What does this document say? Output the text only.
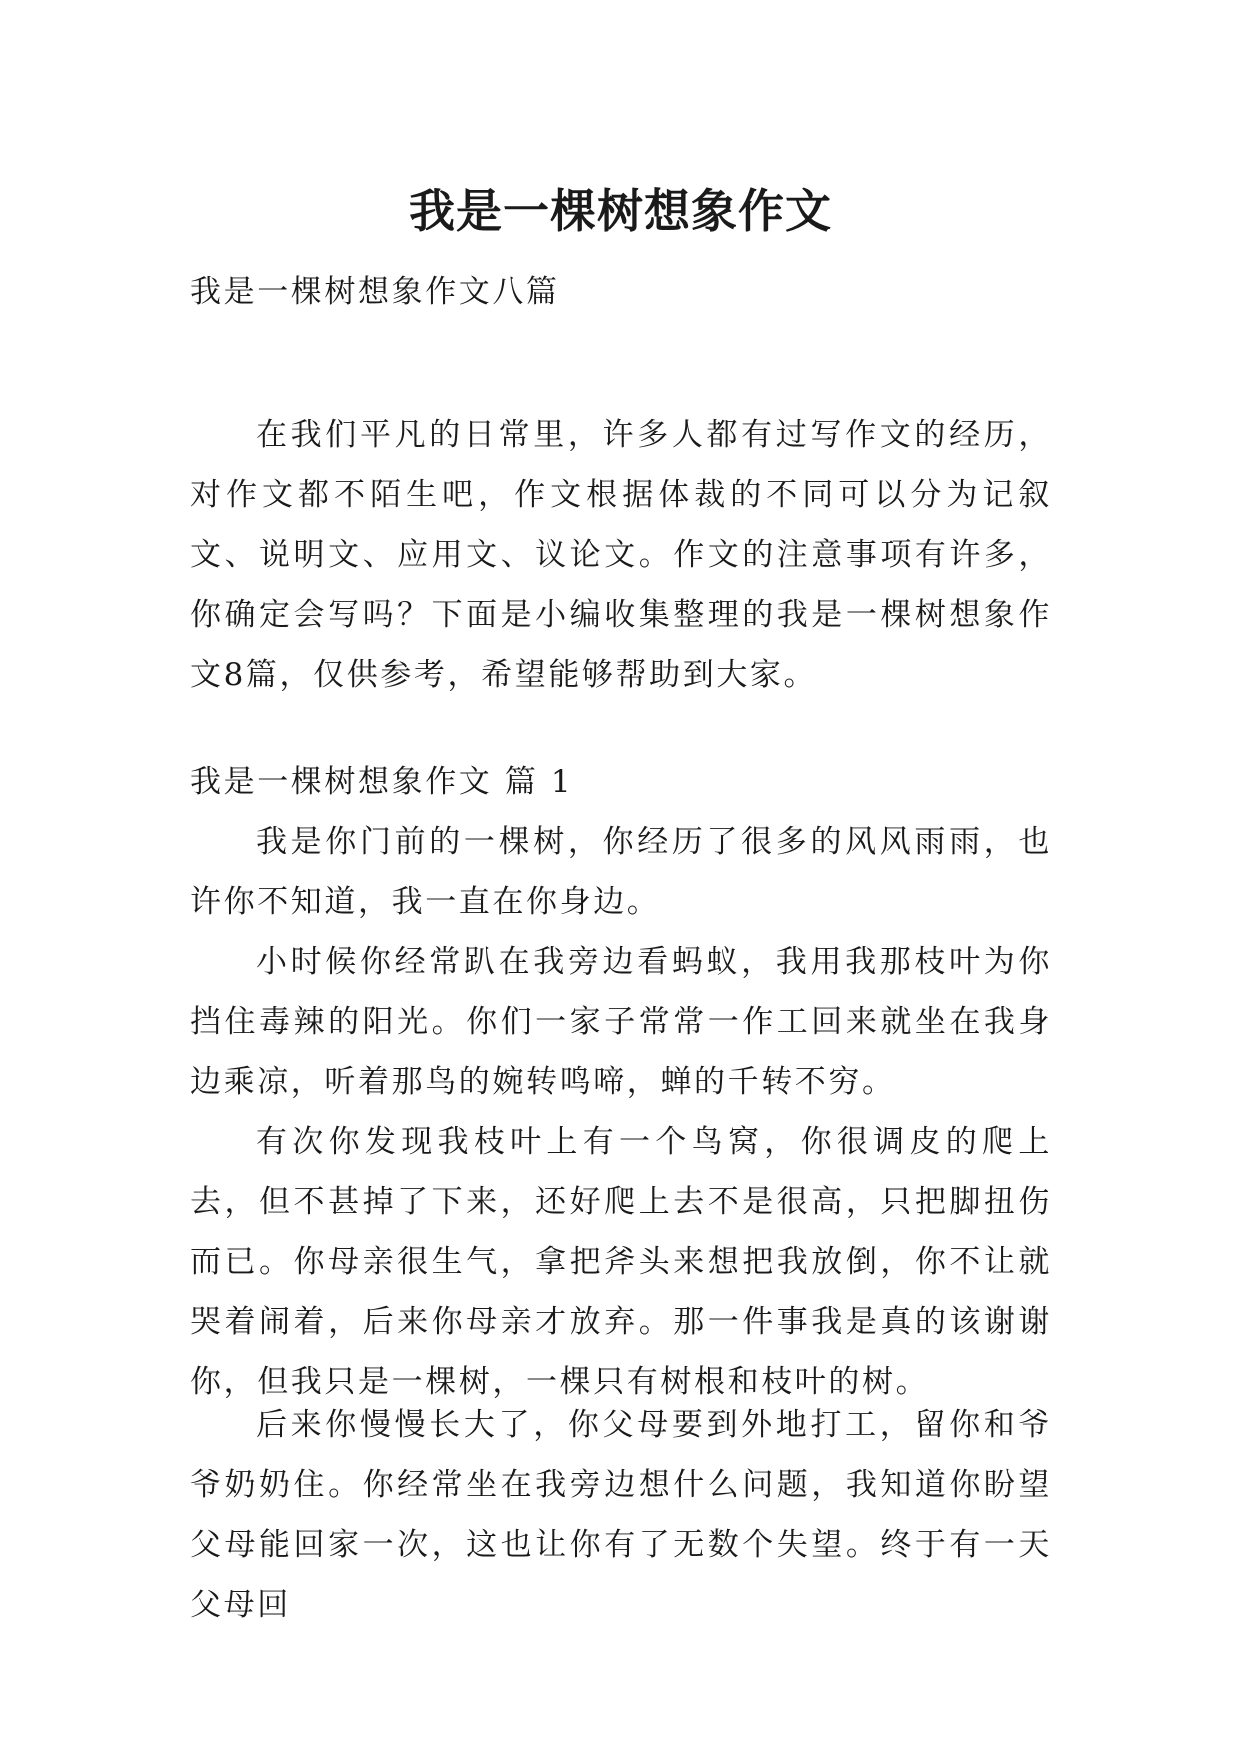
我是一棵树想象作文

我是一棵树想象作文八篇

在我们平凡的日常里，许多人都有过写作文的经历，对作文都不陌生吧，作文根据体裁的不同可以分为记叙文、说明文、应用文、议论文。作文的注意事项有许多，你确定会写吗？下面是小编收集整理的我是一棵树想象作文8篇，仅供参考，希望能够帮助到大家。

我是一棵树想象作文 篇 1

我是你门前的一棵树，你经历了很多的风风雨雨，也许你不知道，我一直在你身边。

小时候你经常趴在我旁边看蚂蚁，我用我那枝叶为你挡住毒辣的阳光。你们一家子常常一作工回来就坐在我身边乘凉，听着那鸟的婉转鸣啼，蝉的千转不穷。

有次你发现我枝叶上有一个鸟窝，你很调皮的爬上去，但不甚掉了下来，还好爬上去不是很高，只把脚扭伤而已。你母亲很生气，拿把斧头来想把我放倒，你不让就哭着闹着，后来你母亲才放弃。那一件事我是真的该谢谢你，但我只是一棵树，一棵只有树根和枝叶的树。

后来你慢慢长大了，你父母要到外地打工，留你和爷爷奶奶住。你经常坐在我旁边想什么问题，我知道你盼望父母能回家一次，这也让你有了无数个失望。终于有一天父母回
